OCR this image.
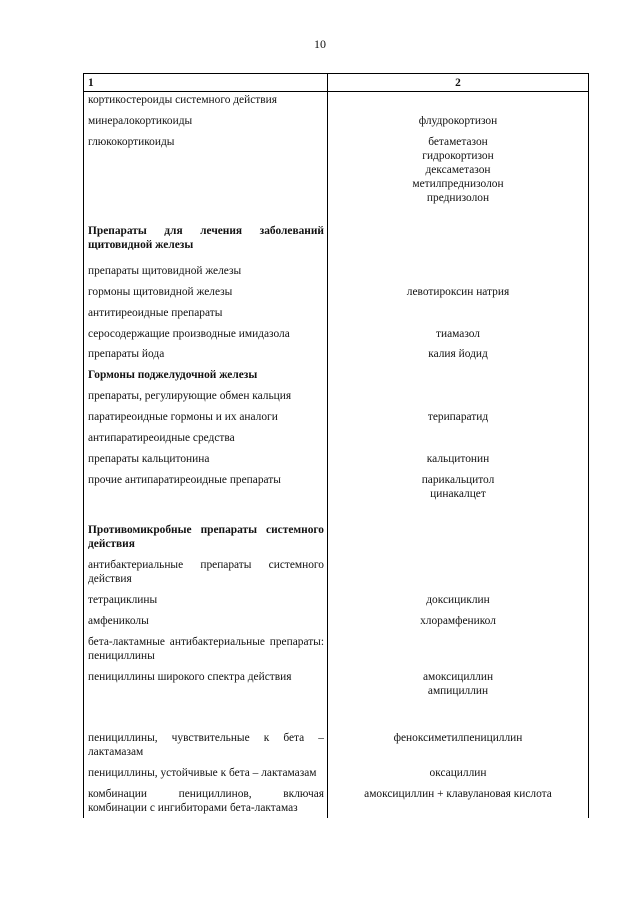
10
1	2
кортикостероиды системного действия	
минералокортикоиды	флудрокортизон

глюкокортикоиды	бетаметазон
гидрокортизон
дексаметазон
метилпреднизолон
преднизолон

Препараты для лечения заболеваний щитовидной железы	
препараты щитовидной железы	
гормоны щитовидной железы	левотироксин натрия

антитиреоидные препараты	
серосодержащие производные имидазола	тиамазол

препараты йода	калия йодид

Гормоны поджелудочной железы	
препараты, регулирующие обмен кальция	
паратиреоидные гормоны и их аналоги	терипаратид

антипаратиреоидные средства	
препараты кальцитонина	кальцитонин

прочие антипаратиреоидные препараты	парикальцитол
цинакалцет

Противомикробные препараты системного действия	
антибактериальные препараты системного действия	
тетрациклины	доксициклин

амфениколы	хлорамфеникол

бета-лактамные антибактериальные препараты: пенициллины	
пенициллины широкого спектра действия	амоксициллин
ампициллин

пенициллины, чувствительные к бета – лактамазам	феноксиметилпенициллин

пенициллины, устойчивые к бета – лактамазам	оксациллин

комбинации пенициллинов, включая комбинации с ингибиторами бета-лактамаз	амоксициллин + клавулановая кислота
